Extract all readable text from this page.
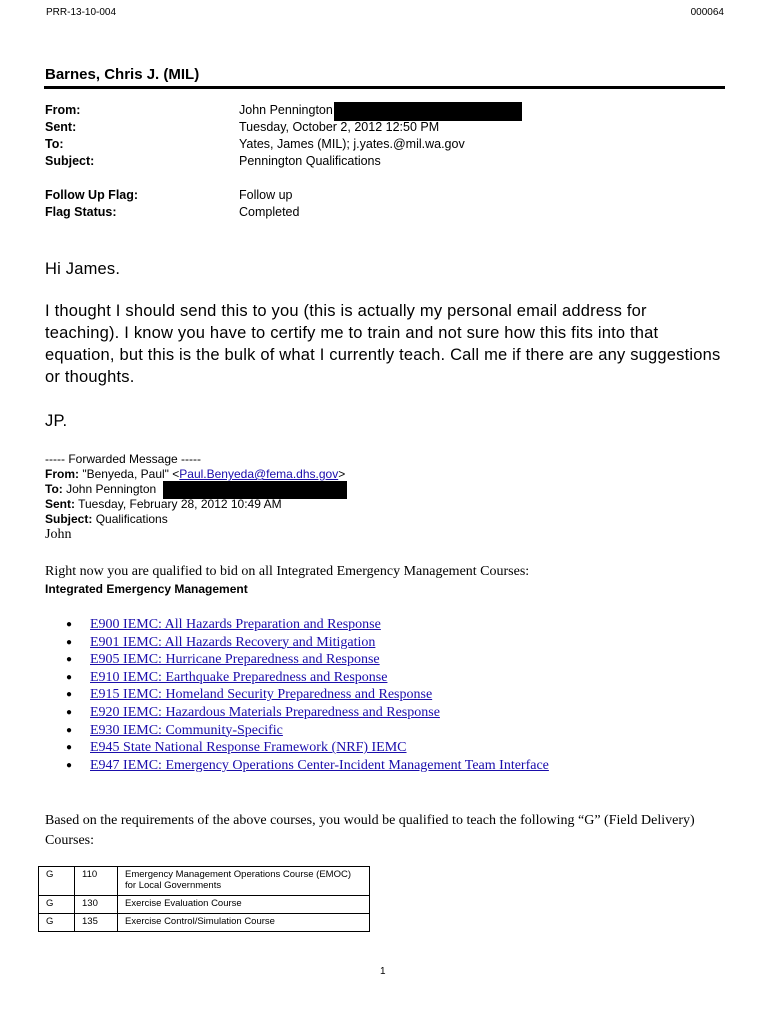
PRR-13-10-004	000064
Barnes, Chris J. (MIL)
From:	John Pennington
Sent:	Tuesday, October 2, 2012 12:50 PM
To:	Yates, James (MIL); j.yates.@mil.wa.gov
Subject:	Pennington Qualifications
Follow Up Flag:	Follow up
Flag Status:	Completed
Hi James.
I thought I should send this to you (this is actually my personal email address for teaching). I know you have to certify me to train and not sure how this fits into that equation, but this is the bulk of what I currently teach. Call me if there are any suggestions or thoughts.
JP.
----- Forwarded Message -----
From: "Benyeda, Paul" <Paul.Benyeda@fema.dhs.gov>
To: John Pennington
Sent: Tuesday, February 28, 2012 10:49 AM
Subject: Qualifications
John
Right now you are qualified to bid on all Integrated Emergency Management Courses:
Integrated Emergency Management
● E900 IEMC: All Hazards Preparation and Response
● E901 IEMC: All Hazards Recovery and Mitigation
● E905 IEMC: Hurricane Preparedness and Response
● E910 IEMC: Earthquake Preparedness and Response
● E915 IEMC: Homeland Security Preparedness and Response
● E920 IEMC: Hazardous Materials Preparedness and Response
● E930 IEMC: Community-Specific
● E945 State National Response Framework (NRF) IEMC
● E947 IEMC: Emergency Operations Center-Incident Management Team Interface
Based on the requirements of the above courses, you would be qualified to teach the following “G” (Field Delivery) Courses:
G	110	Emergency Management Operations Course (EMOC) for Local Governments
G	130	Exercise Evaluation Course
G	135	Exercise Control/Simulation Course
1
